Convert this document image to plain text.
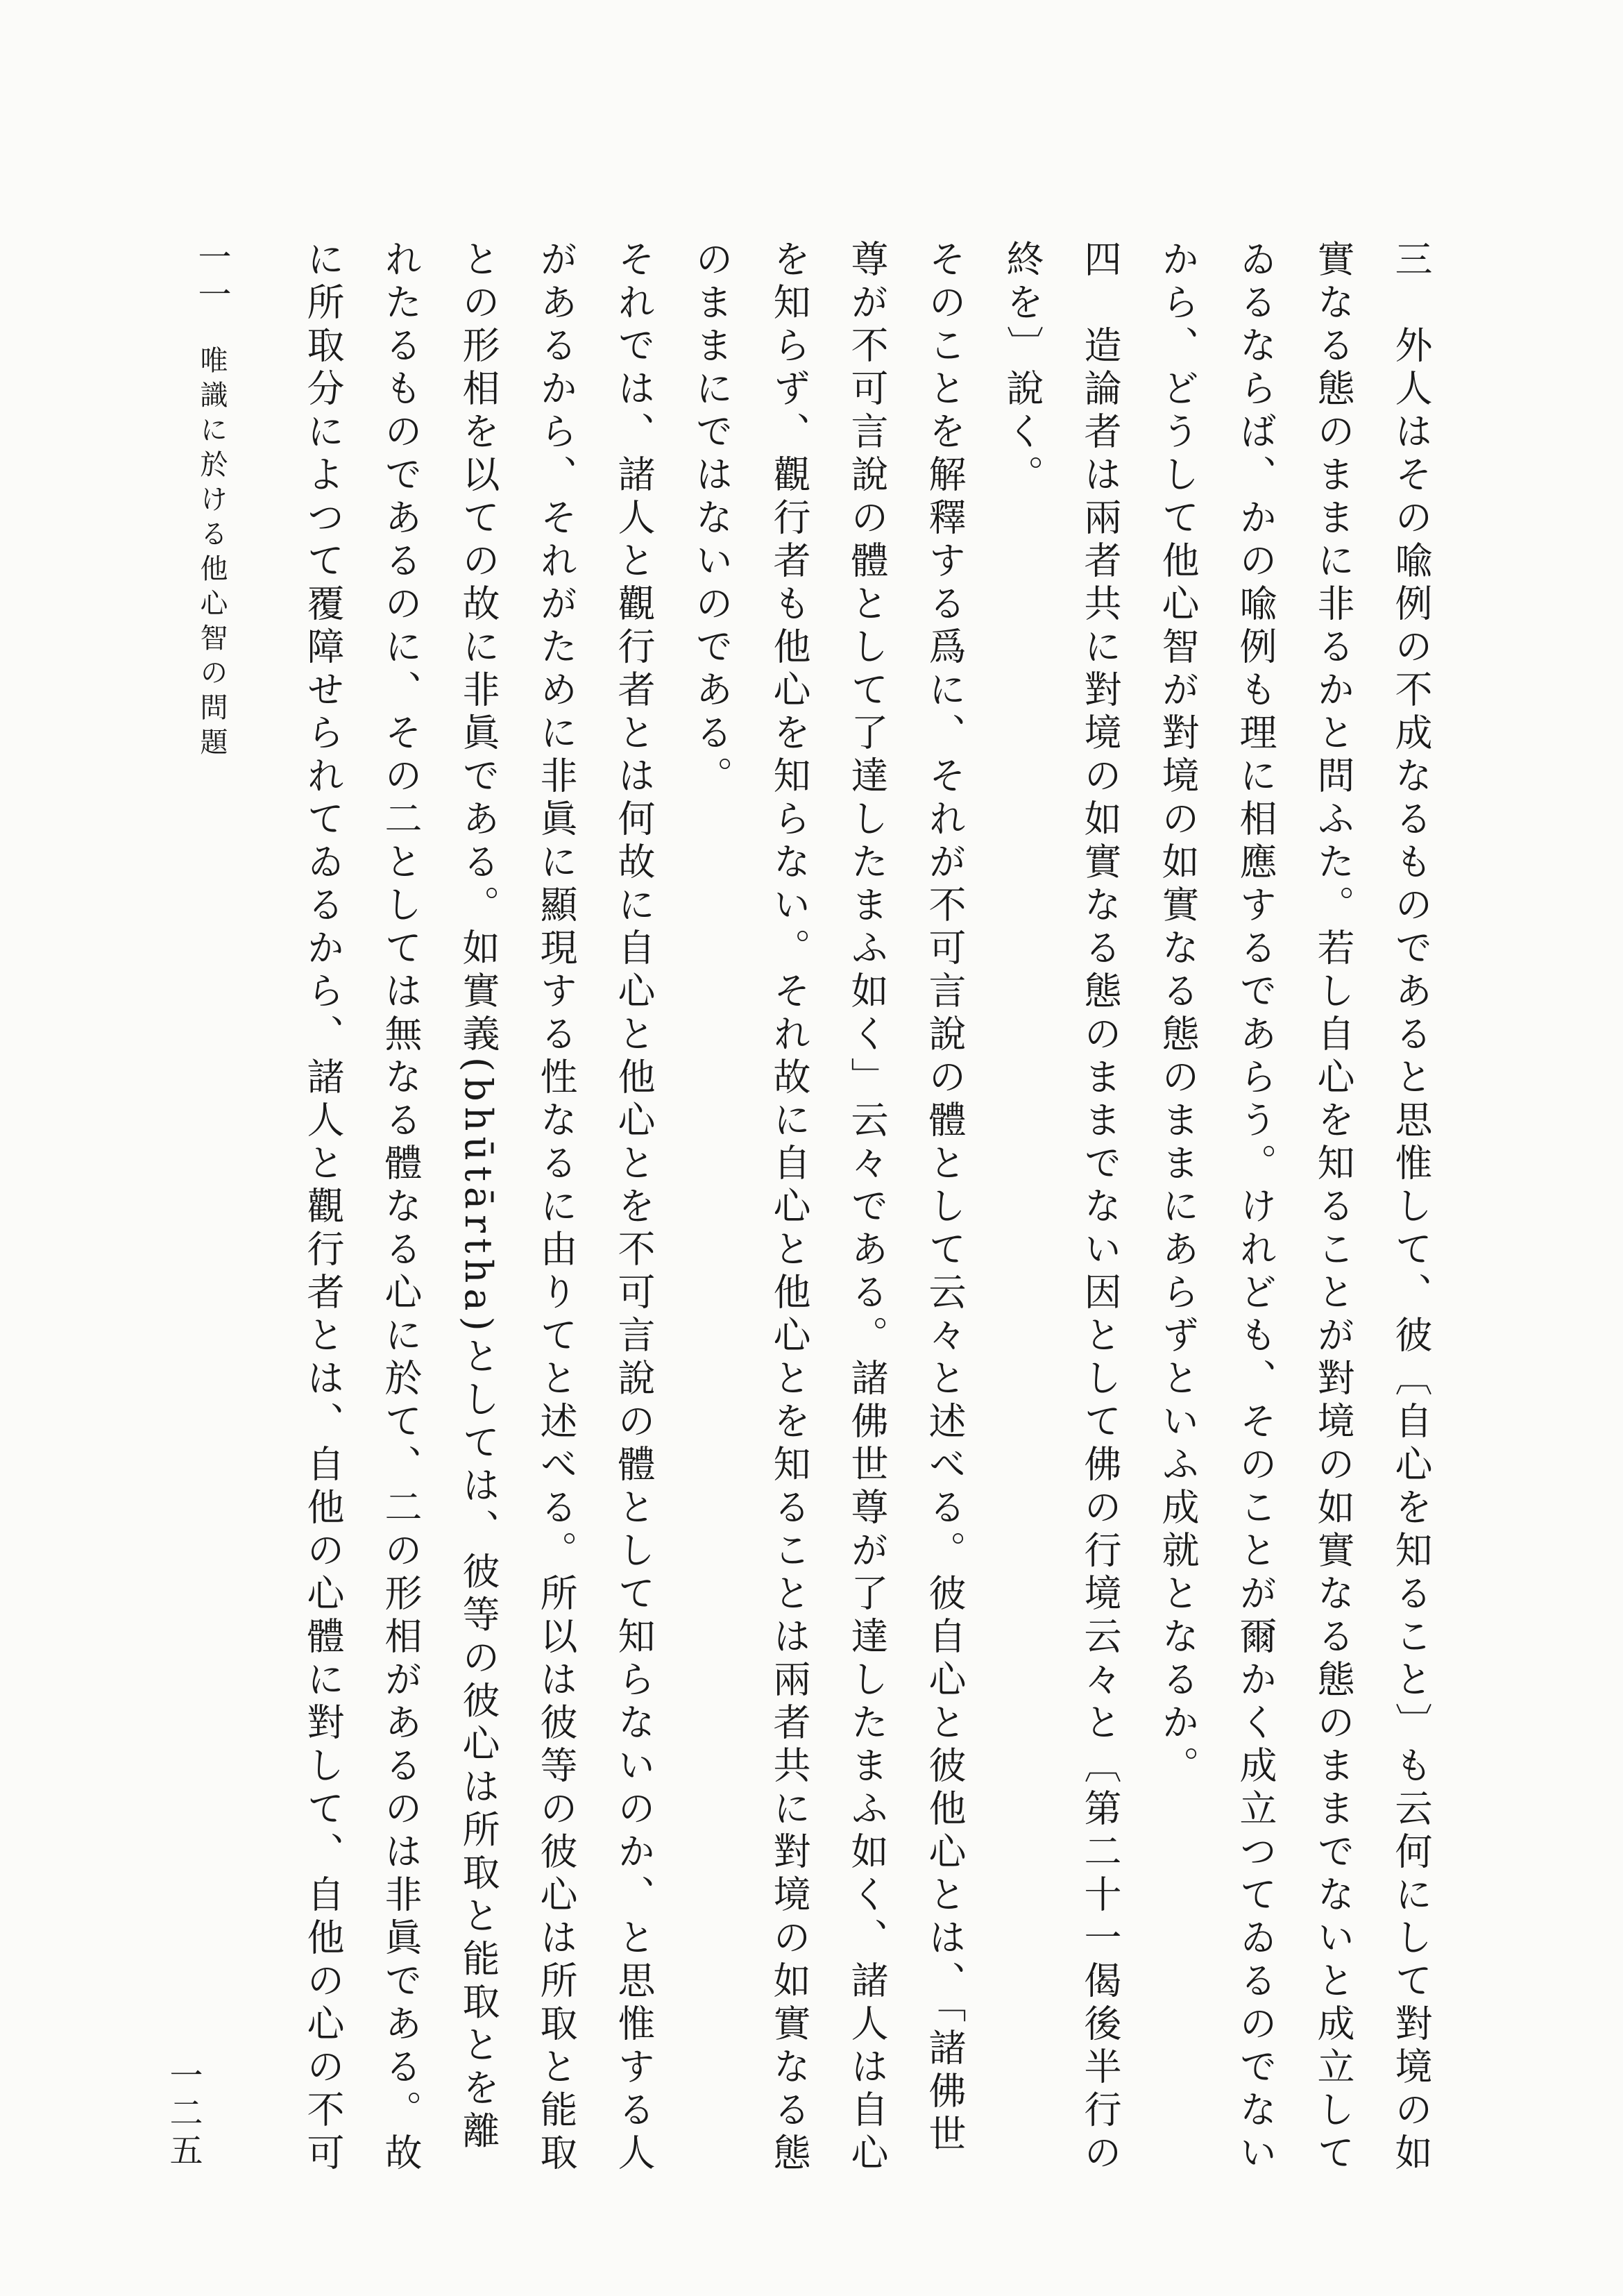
三　外人はその喩例の不成なるものであると思惟して、彼〔自心を知ること〕も云何にして對境の如實なる態のままに非るかと問ふた。若し自心を知ることが對境の如實なる態のままでないと成立してゐるならば、かの喩例も理に相應するであらう。けれども、そのことが爾かく成立つてゐるのでないから、どうして他心智が對境の如實なる態のままにあらずといふ成就となるか。

四　造論者は兩者共に對境の如實なる態のままでない因として佛の行境云々と〔第二十一偈後半行の終を〕說く。

そのことを解釋する爲に、それが不可言說の體として云々と述べる。彼自心と彼他心とは、「諸佛世尊が不可言說の體として了達したまふ如く」云々である。諸佛世尊が了達したまふ如く、諸人は自心を知らず、觀行者も他心を知らない。それ故に自心と他心とを知ることは兩者共に對境の如實なる態のままにではないのである。

それでは、諸人と觀行者とは何故に自心と他心とを不可言說の體として知らないのか、と思惟する人があるから、それがために非眞に顯現する性なるに由りてと述べる。所以は彼等の彼心は所取と能取との形相を以ての故に非眞である。如實義(bhūtārtha)としては、彼等の彼心は所取と能取とを離れたるものであるのに、その二としては無なる體なる心に於て、二の形相があるのは非眞である。故に所取分によつて覆障せられてゐるから、諸人と觀行者とは、自他の心體に對して、自他の心の不可

一一 唯識に於ける他心智の問題
一二五
